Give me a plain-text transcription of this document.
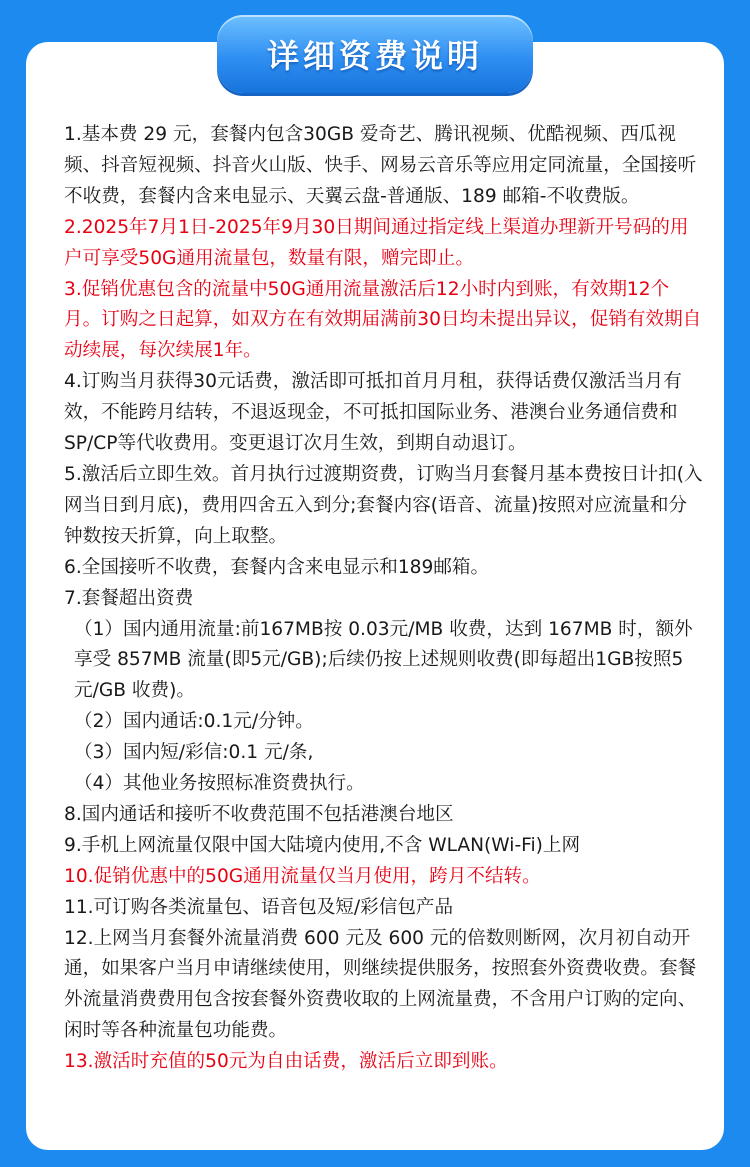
详细资费说明

1.基本费 29 元，套餐内包含30GB 爱奇艺、腾讯视频、优酷视频、西瓜视频、抖音短视频、抖音火山版、快手、网易云音乐等应用定同流量，全国接听不收费，套餐内含来电显示、天翼云盘-普通版、189 邮箱-不收费版。

2.2025年7月1日-2025年9月30日期间通过指定线上渠道办理新开号码的用户可享受50G通用流量包，数量有限，赠完即止。

3.促销优惠包含的流量中50G通用流量激活后12小时内到账，有效期12个月。订购之日起算，如双方在有效期届满前30日均未提出异议，促销有效期自动续展，每次续展1年。

4.订购当月获得30元话费，激活即可抵扣首月月租，获得话费仅激活当月有效，不能跨月结转，不退返现金，不可抵扣国际业务、港澳台业务通信费和 SP/CP等代收费用。变更退订次月生效，到期自动退订。

5.激活后立即生效。首月执行过渡期资费，订购当月套餐月基本费按日计扣(入网当日到月底)，费用四舍五入到分;套餐内容(语音、流量)按照对应流量和分钟数按天折算，向上取整。

6.全国接听不收费，套餐内含来电显示和189邮箱。

7.套餐超出资费

（1）国内通用流量:前167MB按 0.03元/MB 收费，达到 167MB 时，额外享受 857MB 流量(即5元/GB);后续仍按上述规则收费(即每超出1GB按照5元/GB 收费)。

（2）国内通话:0.1元/分钟。

（3）国内短/彩信:0.1 元/条,

（4）其他业务按照标准资费执行。

8.国内通话和接听不收费范围不包括港澳台地区

9.手机上网流量仅限中国大陆境内使用,不含 WLAN(Wi-Fi)上网

10.促销优惠中的50G通用流量仅当月使用，跨月不结转。

11.可订购各类流量包、语音包及短/彩信包产品

12.上网当月套餐外流量消费 600 元及 600 元的倍数则断网，次月初自动开通，如果客户当月申请继续使用，则继续提供服务，按照套外资费收费。套餐外流量消费费用包含按套餐外资费收取的上网流量费，不含用户订购的定向、闲时等各种流量包功能费。

13.激活时充值的50元为自由话费，激活后立即到账。
